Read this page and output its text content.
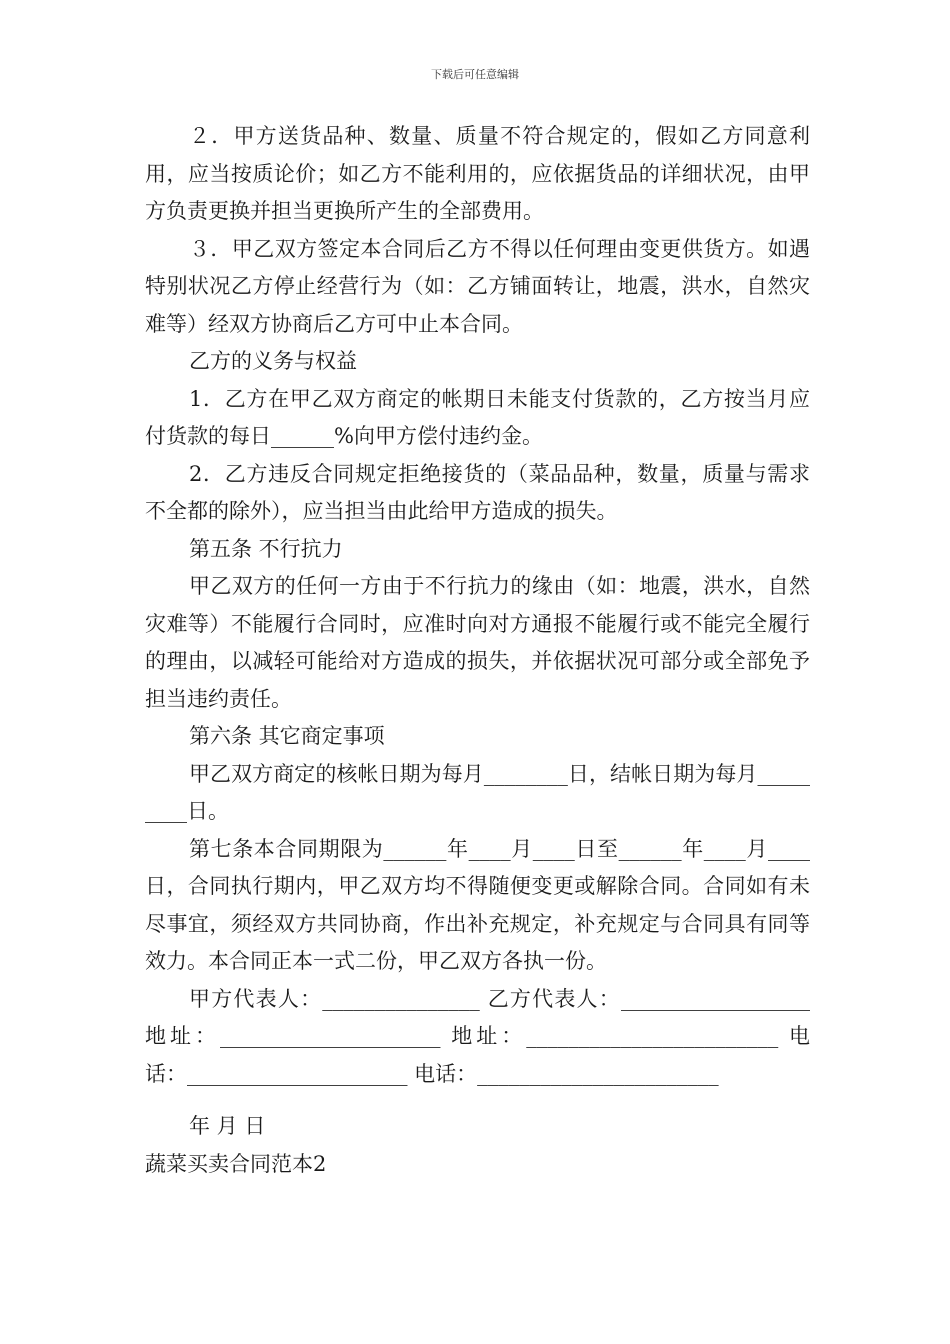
下载后可任意编辑

２．甲方送货品种、数量、质量不符合规定的，假如乙方同意利用，应当按质论价；如乙方不能利用的，应依据货品的详细状况，由甲方负责更换并担当更换所产生的全部费用。

３．甲乙双方签定本合同后乙方不得以任何理由变更供货方。如遇特别状况乙方停止经营行为（如：乙方铺面转让，地震，洪水，自然灾难等）经双方协商后乙方可中止本合同。

乙方的义务与权益

1．乙方在甲乙双方商定的帐期日未能支付货款的，乙方按当月应付货款的每日______%向甲方偿付违约金。

2．乙方违反合同规定拒绝接货的（菜品品种，数量，质量与需求不全都的除外），应当担当由此给甲方造成的损失。

第五条 不行抗力

甲乙双方的任何一方由于不行抗力的缘由（如：地震，洪水，自然灾难等）不能履行合同时，应准时向对方通报不能履行或不能完全履行的理由，以减轻可能给对方造成的损失，并依据状况可部分或全部免予担当违约责任。

第六条 其它商定事项

甲乙双方商定的核帐日期为每月________日，结帐日期为每月_________日。

第七条本合同期限为______年____月____日至______年____月____日，合同执行期内，甲乙双方均不得随便变更或解除合同。合同如有未尽事宜，须经双方共同协商，作出补充规定，补充规定与合同具有同等效力。本合同正本一式二份，甲乙双方各执一份。

甲方代表人：_______________ 乙方代表人：__________________ 地址：_____________________ 地址：________________________ 电话：_____________________ 电话：_______________________

年 月 日

蔬菜买卖合同范本2
